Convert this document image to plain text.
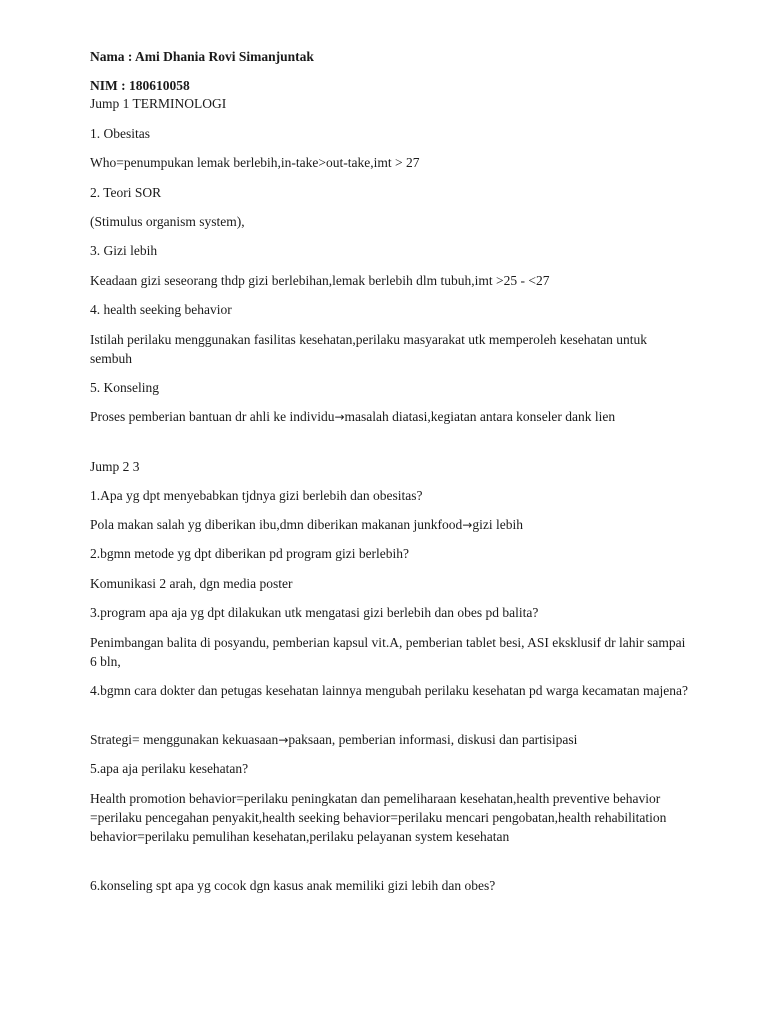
Nama : Ami Dhania Rovi Simanjuntak

NIM : 180610058

Jump 1 TERMINOLOGI

1. Obesitas

Who=penumpukan lemak berlebih,in-take>out-take,imt > 27

2. Teori SOR

(Stimulus organism system),

3. Gizi lebih

Keadaan gizi seseorang thdp gizi berlebihan,lemak berlebih dlm tubuh,imt >25 - <27

4. health seeking behavior

Istilah perilaku menggunakan fasilitas kesehatan,perilaku masyarakat utk memperoleh kesehatan untuk sembuh

5. Konseling

Proses pemberian bantuan dr ahli ke individu→masalah diatasi,kegiatan antara konseler dank lien

Jump 2 3

1.Apa yg dpt menyebabkan tjdnya gizi berlebih dan obesitas?

Pola makan salah yg diberikan ibu,dmn diberikan makanan junkfood→gizi lebih

2.bgmn metode yg dpt diberikan pd program gizi berlebih?

Komunikasi 2 arah, dgn media poster

3.program apa aja yg dpt dilakukan utk mengatasi gizi berlebih dan obes pd balita?

Penimbangan balita di posyandu, pemberian kapsul vit.A, pemberian tablet besi, ASI eksklusif dr lahir sampai 6 bln,

4.bgmn cara dokter dan petugas kesehatan lainnya mengubah perilaku kesehatan pd warga kecamatan majena?

Strategi= menggunakan kekuasaan→paksaan, pemberian informasi, diskusi dan partisipasi

5.apa aja perilaku kesehatan?

Health promotion behavior=perilaku peningkatan dan pemeliharaan kesehatan,health preventive behavior =perilaku pencegahan penyakit,health seeking behavior=perilaku mencari pengobatan,health rehabilitation behavior=perilaku pemulihan kesehatan,perilaku pelayanan system kesehatan

6.konseling spt apa yg cocok dgn kasus anak memiliki gizi lebih dan obes?
